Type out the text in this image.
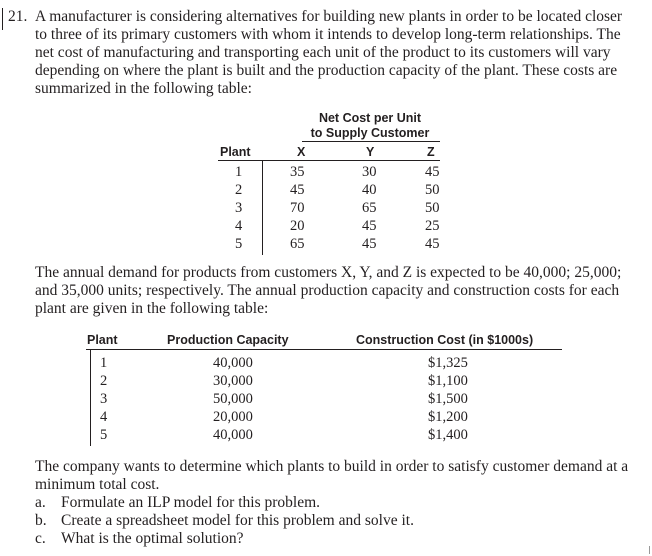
21. A manufacturer is considering alternatives for building new plants in order to be located closer to three of its primary customers with whom it intends to develop long-term relationships. The net cost of manufacturing and transporting each unit of the product to its customers will vary depending on where the plant is built and the production capacity of the plant. These costs are summarized in the following table:
Net Cost per Unit
to Supply Customer
Plant	X	Y	Z
1	35	30	45
2	45	40	50
3	70	65	50
4	20	45	25
5	65	45	45
The annual demand for products from customers X, Y, and Z is expected to be 40,000; 25,000; and 35,000 units; respectively. The annual production capacity and construction costs for each plant are given in the following table:
Plant	Production Capacity	Construction Cost (in $1000s)
1	40,000	$1,325
2	30,000	$1,100
3	50,000	$1,500
4	20,000	$1,200
5	40,000	$1,400
The company wants to determine which plants to build in order to satisfy customer demand at a minimum total cost.
a. Formulate an ILP model for this problem.
b. Create a spreadsheet model for this problem and solve it.
c. What is the optimal solution?
